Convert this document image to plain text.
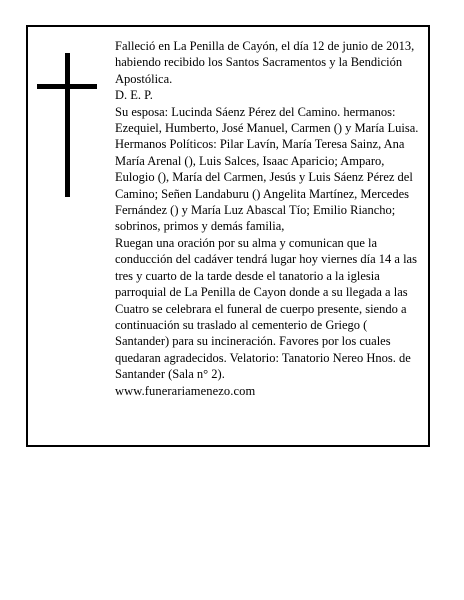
Falleció en La Penilla de Cayón, el día 12 de junio de 2013, habiendo recibido los Santos Sacramentos y la Bendición Apostólica.

D. E. P.

Su esposa: Lucinda Sáenz Pérez del Camino. hermanos: Ezequiel, Humberto, José Manuel, Carmen () y María Luisa. Hermanos Políticos: Pilar Lavín, María Teresa Sainz, Ana María Arenal (), Luis Salces, Isaac Aparicio; Amparo, Eulogio (), María del Carmen, Jesús y Luis Sáenz Pérez del Camino; Señen Landaburu () Angelita Martínez, Mercedes Fernández () y María Luz Abascal Tío; Emilio Riancho; sobrinos, primos y demás familia,

Ruegan una oración por su alma y comunican que la conducción del cadáver tendrá lugar hoy viernes día 14 a las tres y cuarto de la tarde desde el tanatorio a la iglesia parroquial de La Penilla de Cayon donde a su llegada a las Cuatro se celebrara el funeral de cuerpo presente, siendo a continuación su traslado al cementerio de Griego ( Santander) para su incineración. Favores por los cuales quedaran agradecidos. Velatorio: Tanatorio Nereo Hnos. de Santander (Sala n° 2).

www.funerariamenezo.com
